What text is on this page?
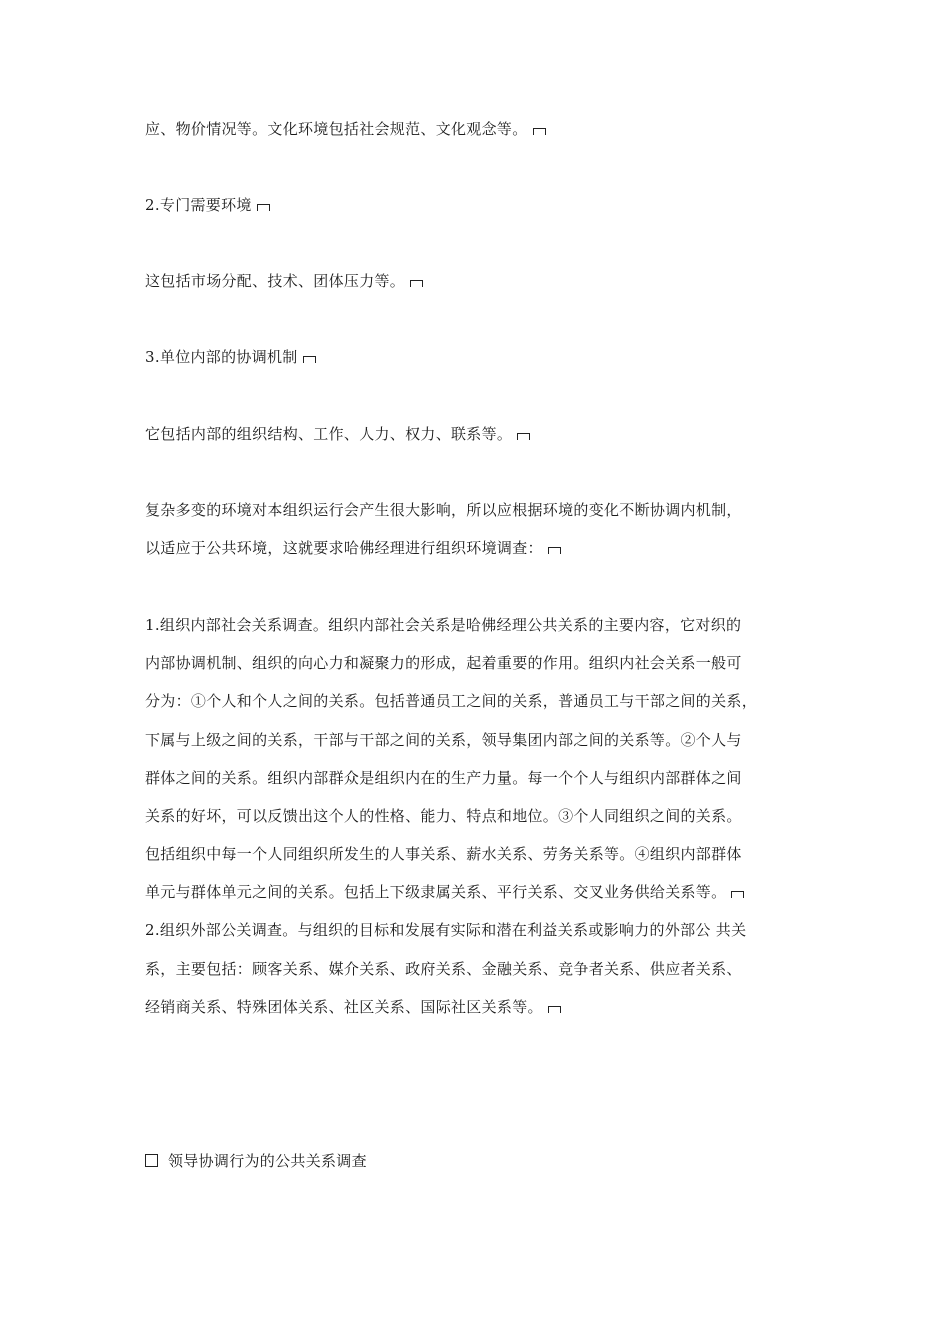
应、物价情况等。文化环境包括社会规范、文化观念等。
2.专门需要环境
这包括市场分配、技术、团体压力等。
3.单位内部的协调机制
它包括内部的组织结构、工作、人力、权力、联系等。
复杂多变的环境对本组织运行会产生很大影响，所以应根据环境的变化不断协调内机制，
以适应于公共环境，这就要求哈佛经理进行组织环境调查：
1.组织内部社会关系调查。组织内部社会关系是哈佛经理公共关系的主要内容，它对织的
内部协调机制、组织的向心力和凝聚力的形成，起着重要的作用。组织内社会关系一般可
分为：①个人和个人之间的关系。包括普通员工之间的关系，普通员工与干部之间的关系，
下属与上级之间的关系，干部与干部之间的关系，领导集团内部之间的关系等。②个人与
群体之间的关系。组织内部群众是组织内在的生产力量。每一个个人与组织内部群体之间
关系的好坏，可以反馈出这个人的性格、能力、特点和地位。③个人同组织之间的关系。
包括组织中每一个人同组织所发生的人事关系、薪水关系、劳务关系等。④组织内部群体
单元与群体单元之间的关系。包括上下级隶属关系、平行关系、交叉业务供给关系等。
2.组织外部公关调查。与组织的目标和发展有实际和潜在利益关系或影响力的外部公 共关
系，主要包括：顾客关系、媒介关系、政府关系、金融关系、竞争者关系、供应者关系、
经销商关系、特殊团体关系、社区关系、国际社区关系等。
领导协调行为的公共关系调查
